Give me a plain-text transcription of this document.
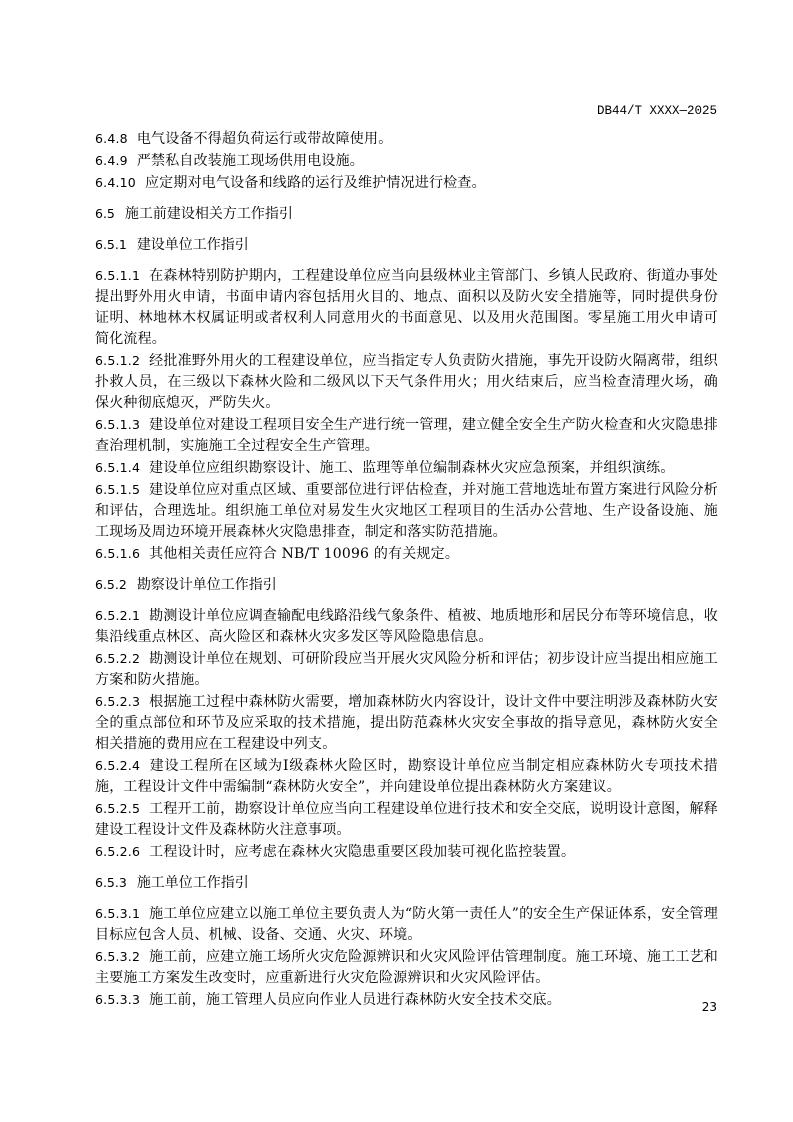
DB44/T XXXX—2025
6.4.8 电气设备不得超负荷运行或带故障使用。
6.4.9 严禁私自改装施工现场供用电设施。
6.4.10 应定期对电气设备和线路的运行及维护情况进行检查。
6.5 施工前建设相关方工作指引
6.5.1 建设单位工作指引
6.5.1.1 在森林特别防护期内，工程建设单位应当向县级林业主管部门、乡镇人民政府、街道办事处提出野外用火申请，书面申请内容包括用火目的、地点、面积以及防火安全措施等，同时提供身份证明、林地林木权属证明或者权利人同意用火的书面意见、以及用火范围图。零星施工用火申请可简化流程。
6.5.1.2 经批准野外用火的工程建设单位，应当指定专人负责防火措施，事先开设防火隔离带，组织扑救人员，在三级以下森林火险和二级风以下天气条件用火；用火结束后，应当检查清理火场，确保火种彻底熄灭，严防失火。
6.5.1.3 建设单位对建设工程项目安全生产进行统一管理，建立健全安全生产防火检查和火灾隐患排查治理机制，实施施工全过程安全生产管理。
6.5.1.4 建设单位应组织勘察设计、施工、监理等单位编制森林火灾应急预案，并组织演练。
6.5.1.5 建设单位应对重点区域、重要部位进行评估检查，并对施工营地选址布置方案进行风险分析和评估，合理选址。组织施工单位对易发生火灾地区工程项目的生活办公营地、生产设备设施、施工现场及周边环境开展森林火灾隐患排查，制定和落实防范措施。
6.5.1.6 其他相关责任应符合 NB/T 10096 的有关规定。
6.5.2 勘察设计单位工作指引
6.5.2.1 勘测设计单位应调查输配电线路沿线气象条件、植被、地质地形和居民分布等环境信息，收集沿线重点林区、高火险区和森林火灾多发区等风险隐患信息。
6.5.2.2 勘测设计单位在规划、可研阶段应当开展火灾风险分析和评估；初步设计应当提出相应施工方案和防火措施。
6.5.2.3 根据施工过程中森林防火需要，增加森林防火内容设计，设计文件中要注明涉及森林防火安全的重点部位和环节及应采取的技术措施，提出防范森林火灾安全事故的指导意见，森林防火安全相关措施的费用应在工程建设中列支。
6.5.2.4 建设工程所在区域为Ⅰ级森林火险区时，勘察设计单位应当制定相应森林防火专项技术措施，工程设计文件中需编制“森林防火安全”，并向建设单位提出森林防火方案建议。
6.5.2.5 工程开工前，勘察设计单位应当向工程建设单位进行技术和安全交底，说明设计意图，解释建设工程设计文件及森林防火注意事项。
6.5.2.6 工程设计时，应考虑在森林火灾隐患重要区段加装可视化监控装置。
6.5.3 施工单位工作指引
6.5.3.1 施工单位应建立以施工单位主要负责人为“防火第一责任人”的安全生产保证体系，安全管理目标应包含人员、机械、设备、交通、火灾、环境。
6.5.3.2 施工前，应建立施工场所火灾危险源辨识和火灾风险评估管理制度。施工环境、施工工艺和主要施工方案发生改变时，应重新进行火灾危险源辨识和火灾风险评估。
6.5.3.3 施工前，施工管理人员应向作业人员进行森林防火安全技术交底。	23
